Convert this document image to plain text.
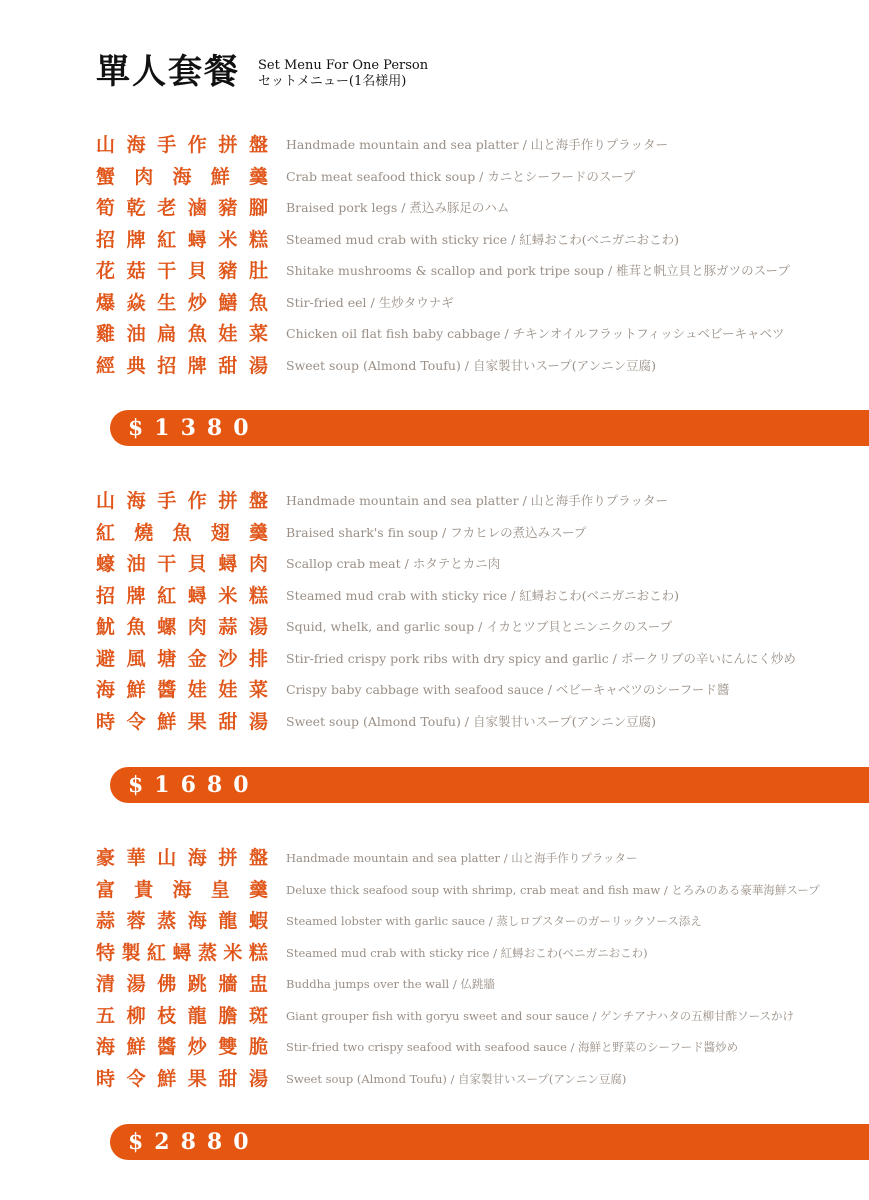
單人套餐 Set Menu For One Person
セットメニュー(1名様用)
山 海 手 作 拼 盤 Handmade mountain and sea platter / 山と海手作りプラッター
蟹 肉 海 鮮 羹 Crab meat seafood thick soup / カニとシーフードのスープ
筍 乾 老 滷 豬 腳 Braised pork legs / 煮込み豚足のハム
招 牌 紅 蟳 米 糕 Steamed mud crab with sticky rice / 紅蟳おこわ(ベニガニおこわ)
花 菇 干 貝 豬 肚 Shitake mushrooms & scallop and pork tripe soup / 椎茸と帆立貝と豚ガツのスープ
爆 焱 生 炒 鱔 魚 Stir-fried eel / 生炒タウナギ
雞 油 扁 魚 娃 菜 Chicken oil flat fish baby cabbage / チキンオイルフラットフィッシュベビーキャベツ
經 典 招 牌 甜 湯 Sweet soup (Almond Toufu) / 自家製甘いスープ(アンニン豆腐)
$1380
山 海 手 作 拼 盤 Handmade mountain and sea platter / 山と海手作りプラッター
紅 燒 魚 翅 羹 Braised shark's fin soup / フカヒレの煮込みスープ
蠔 油 干 貝 蟳 肉 Scallop crab meat / ホタテとカニ肉
招 牌 紅 蟳 米 糕 Steamed mud crab with sticky rice / 紅蟳おこわ(ベニガニおこわ)
魷 魚 螺 肉 蒜 湯 Squid, whelk, and garlic soup / イカとツブ貝とニンニクのスープ
避 風 塘 金 沙 排 Stir-fried crispy pork ribs with dry spicy and garlic / ポークリブの辛いにんにく炒め
海 鮮 醬 娃 娃 菜 Crispy baby cabbage with seafood sauce / ベビーキャベツのシーフード醬
時 令 鮮 果 甜 湯 Sweet soup (Almond Toufu) / 自家製甘いスープ(アンニン豆腐)
$1680
豪 華 山 海 拼 盤 Handmade mountain and sea platter / 山と海手作りプラッター
富 貴 海 皇 羹 Deluxe thick seafood soup with shrimp, crab meat and fish maw / とろみのある豪華海鮮スープ
蒜 蓉 蒸 海 龍 蝦 Steamed lobster with garlic sauce / 蒸しロブスターのガーリックソース添え
特 製 紅 蟳 蒸 米 糕 Steamed mud crab with sticky rice / 紅蟳おこわ(ベニガニおこわ)
清 湯 佛 跳 牆 盅 Buddha jumps over the wall / 仏跳牆
五 柳 枝 龍 膽 斑 Giant grouper fish with goryu sweet and sour sauce / ゲンチアナハタの五柳甘酢ソースかけ
海 鮮 醬 炒 雙 脆 Stir-fried two crispy seafood with seafood sauce / 海鮮と野菜のシーフード醬炒め
時 令 鮮 果 甜 湯 Sweet soup (Almond Toufu) / 自家製甘いスープ(アンニン豆腐)
$2880
